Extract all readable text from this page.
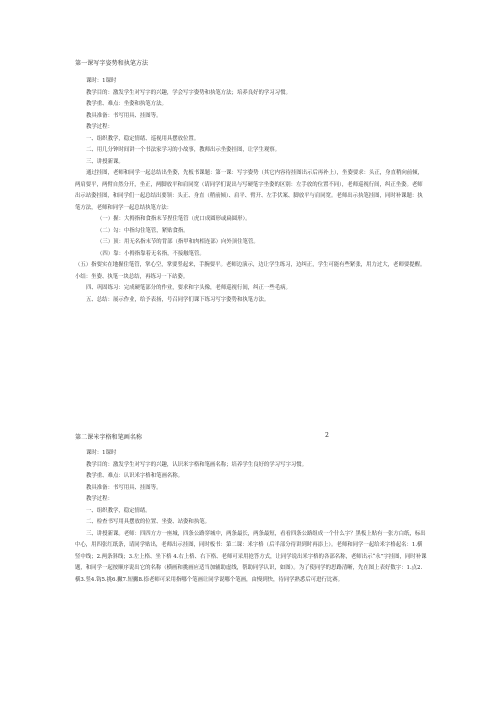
第一课写字姿势和执笔方法

课时：1课时

教学目的：激发学生对写字的兴趣，学会写字姿势和执笔方法；培养良好的学习习惯。

教学重、难点：坐姿和执笔方法。

教具准备：书写用具、挂图等。

教学过程：

一、组织教学，稳定情绪、巡视用具摆放位置。

二、用几分钟时间讲一个书法家学习的小故事，教师出示坐姿挂图，让学生观察。

三、讲授新课。

通过挂图，老师和同学一起总结出坐姿，先板书课题：第一课：写字姿势（其它内容待挂图出示后再补上），坐姿要求：头正，身直稍向前倾，两肩要平，两臂自然分开，坐正，两脚放平和肩同宽（请同学们说出与写硬笔字坐姿的区别：左手放的位置不同），老师巡视行间，纠正坐姿。老师出示站姿挂图，和同学们一起总结出要领：头正、身直（稍前倾）、肩平、臂开、左手伏案、脚放平与肩同宽。老师出示执笔挂图，同时补课题：执笔方法，老师和同学一起总结执笔方法：

（一）握：大拇指和食指末节捏住笔管（虎口成圆形或扁圆形）。

（二）勾：中指勾住笔管，紧贴食指。

（三）顶：用无名指末节的背部（指甲和肉相连部）向外顶住笔管。

（四）靠：小拇指靠着无名指，不接触笔管。

（五）指要实在地握住笔管，掌心空，掌要竖起来，手腕要平。老师边演示，边让学生练习，边纠正，学生可能有些紧张，用力过大，老师要提醒。小结：坐姿、执笔一块总结，再练习一下站姿。

四、巩固练习：完成硬笔部分的作业，要求和字头像，老师巡视行间，纠正一些毛病。

五、总结：展示作业，给予表扬，号召同学们课下练习写字姿势和执笔方法。

第二课米字格和笔画名称	2

课时：1课时

教学目的：激发学生对写字的兴趣，认识米字格和笔画名称；培养学生良好的学习写字习惯。

教学重、难点：认识米字格和笔画名称。

教具准备：书写用具、挂图等。

教学过程：

一、组织教学，稳定情绪。

二、检查书写用具摆放的位置、坐姿、站姿和执笔。

三、讲授新课。老师：四四方方一座城，四条公路穿城中，两条最长，两条最短，看看四条公路组成一个什么字？黑板上贴有一张方白纸，标出中心，用四张红纸条，请同学贴出，老师出示挂图，同时板书：第二课：米字格（后半部分待讲到时再添上）。老师和同学一起给米字格起名：1.横竖中线；2.两条斜线；3.左上格、坐下格 4.右上格、右下格、老师可采用抢答方式，让同学说出米字格的各部名称，老师出示“永”字挂图，同时补课题，和同学一起按顺序说出它的名称（横画和挑画应适当加辅助虚线，帮助同学认识，如图）。为了使同学的思路清晰，先在图上表好数字：1.点2.横3.竖4.钩5.挑6.撇7.短撇8.捺老师可采用指哪个笔画让同学说哪个笔画，由慢到快，待同学熟悉后可进行比赛。
